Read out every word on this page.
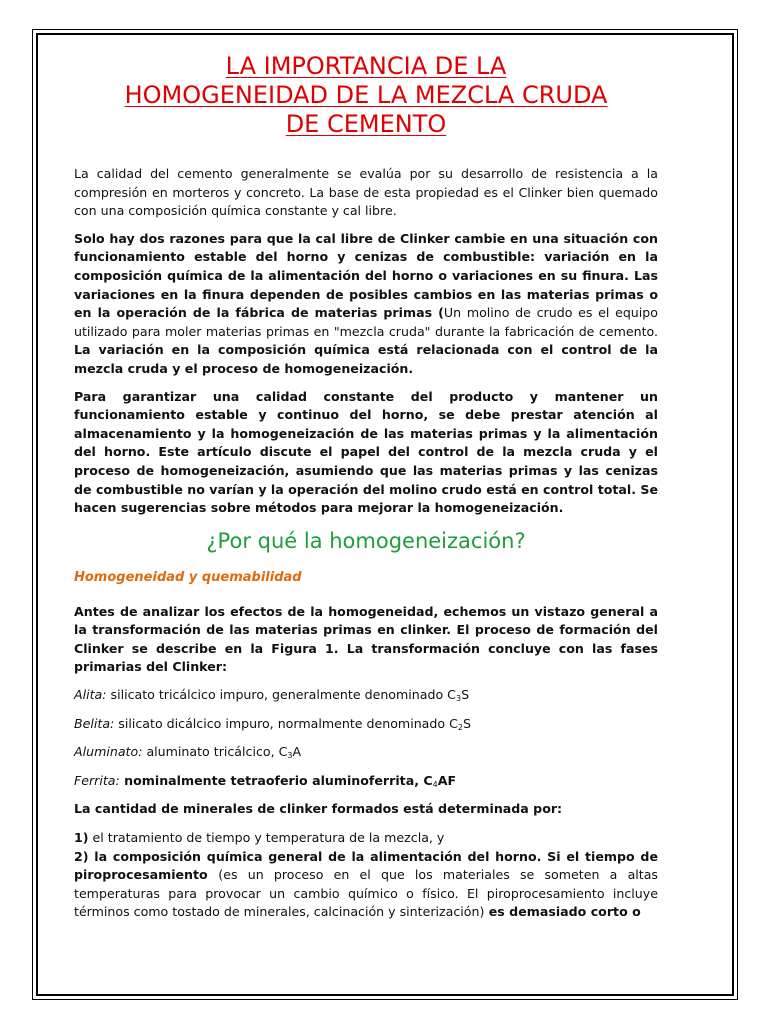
LA IMPORTANCIA DE LA
HOMOGENEIDAD DE LA MEZCLA CRUDA
DE CEMENTO

La calidad del cemento generalmente se evalúa por su desarrollo de resistencia a la compresión en morteros y concreto. La base de esta propiedad es el Clinker bien quemado con una composición química constante y cal libre.

Solo hay dos razones para que la cal libre de Clinker cambie en una situación con funcionamiento estable del horno y cenizas de combustible: variación en la composición química de la alimentación del horno o variaciones en su finura. Las variaciones en la finura dependen de posibles cambios en las materias primas o en la operación de la fábrica de materias primas (Un molino de crudo es el equipo utilizado para moler materias primas en "mezcla cruda" durante la fabricación de cemento. La variación en la composición química está relacionada con el control de la mezcla cruda y el proceso de homogeneización.

Para garantizar una calidad constante del producto y mantener un funcionamiento estable y continuo del horno, se debe prestar atención al almacenamiento y la homogeneización de las materias primas y la alimentación del horno. Este artículo discute el papel del control de la mezcla cruda y el proceso de homogeneización, asumiendo que las materias primas y las cenizas de combustible no varían y la operación del molino crudo está en control total. Se hacen sugerencias sobre métodos para mejorar la homogeneización.

¿Por qué la homogeneización?
Homogeneidad y quemabilidad

Antes de analizar los efectos de la homogeneidad, echemos un vistazo general a la transformación de las materias primas en clinker. El proceso de formación del Clinker se describe en la Figura 1. La transformación concluye con las fases primarias del Clinker:

Alita: silicato tricálcico impuro, generalmente denominado $C_3S$

Belita: silicato dicálcico impuro, normalmente denominado $C_2S$

Aluminato: aluminato tricálcico, $C_3A$

Ferrita: nominalmente tetraoferio aluminoferrita, $C_4AF$

La cantidad de minerales de clinker formados está determinada por:

1) el tratamiento de tiempo y temperatura de la mezcla, y

2) la composición química general de la alimentación del horno. Si el tiempo de piroprocesamiento (es un proceso en el que los materiales se someten a altas temperaturas para provocar un cambio químico o físico. El piroprocesamiento incluye términos como tostado de minerales, calcinación y sinterización) es demasiado corto o
